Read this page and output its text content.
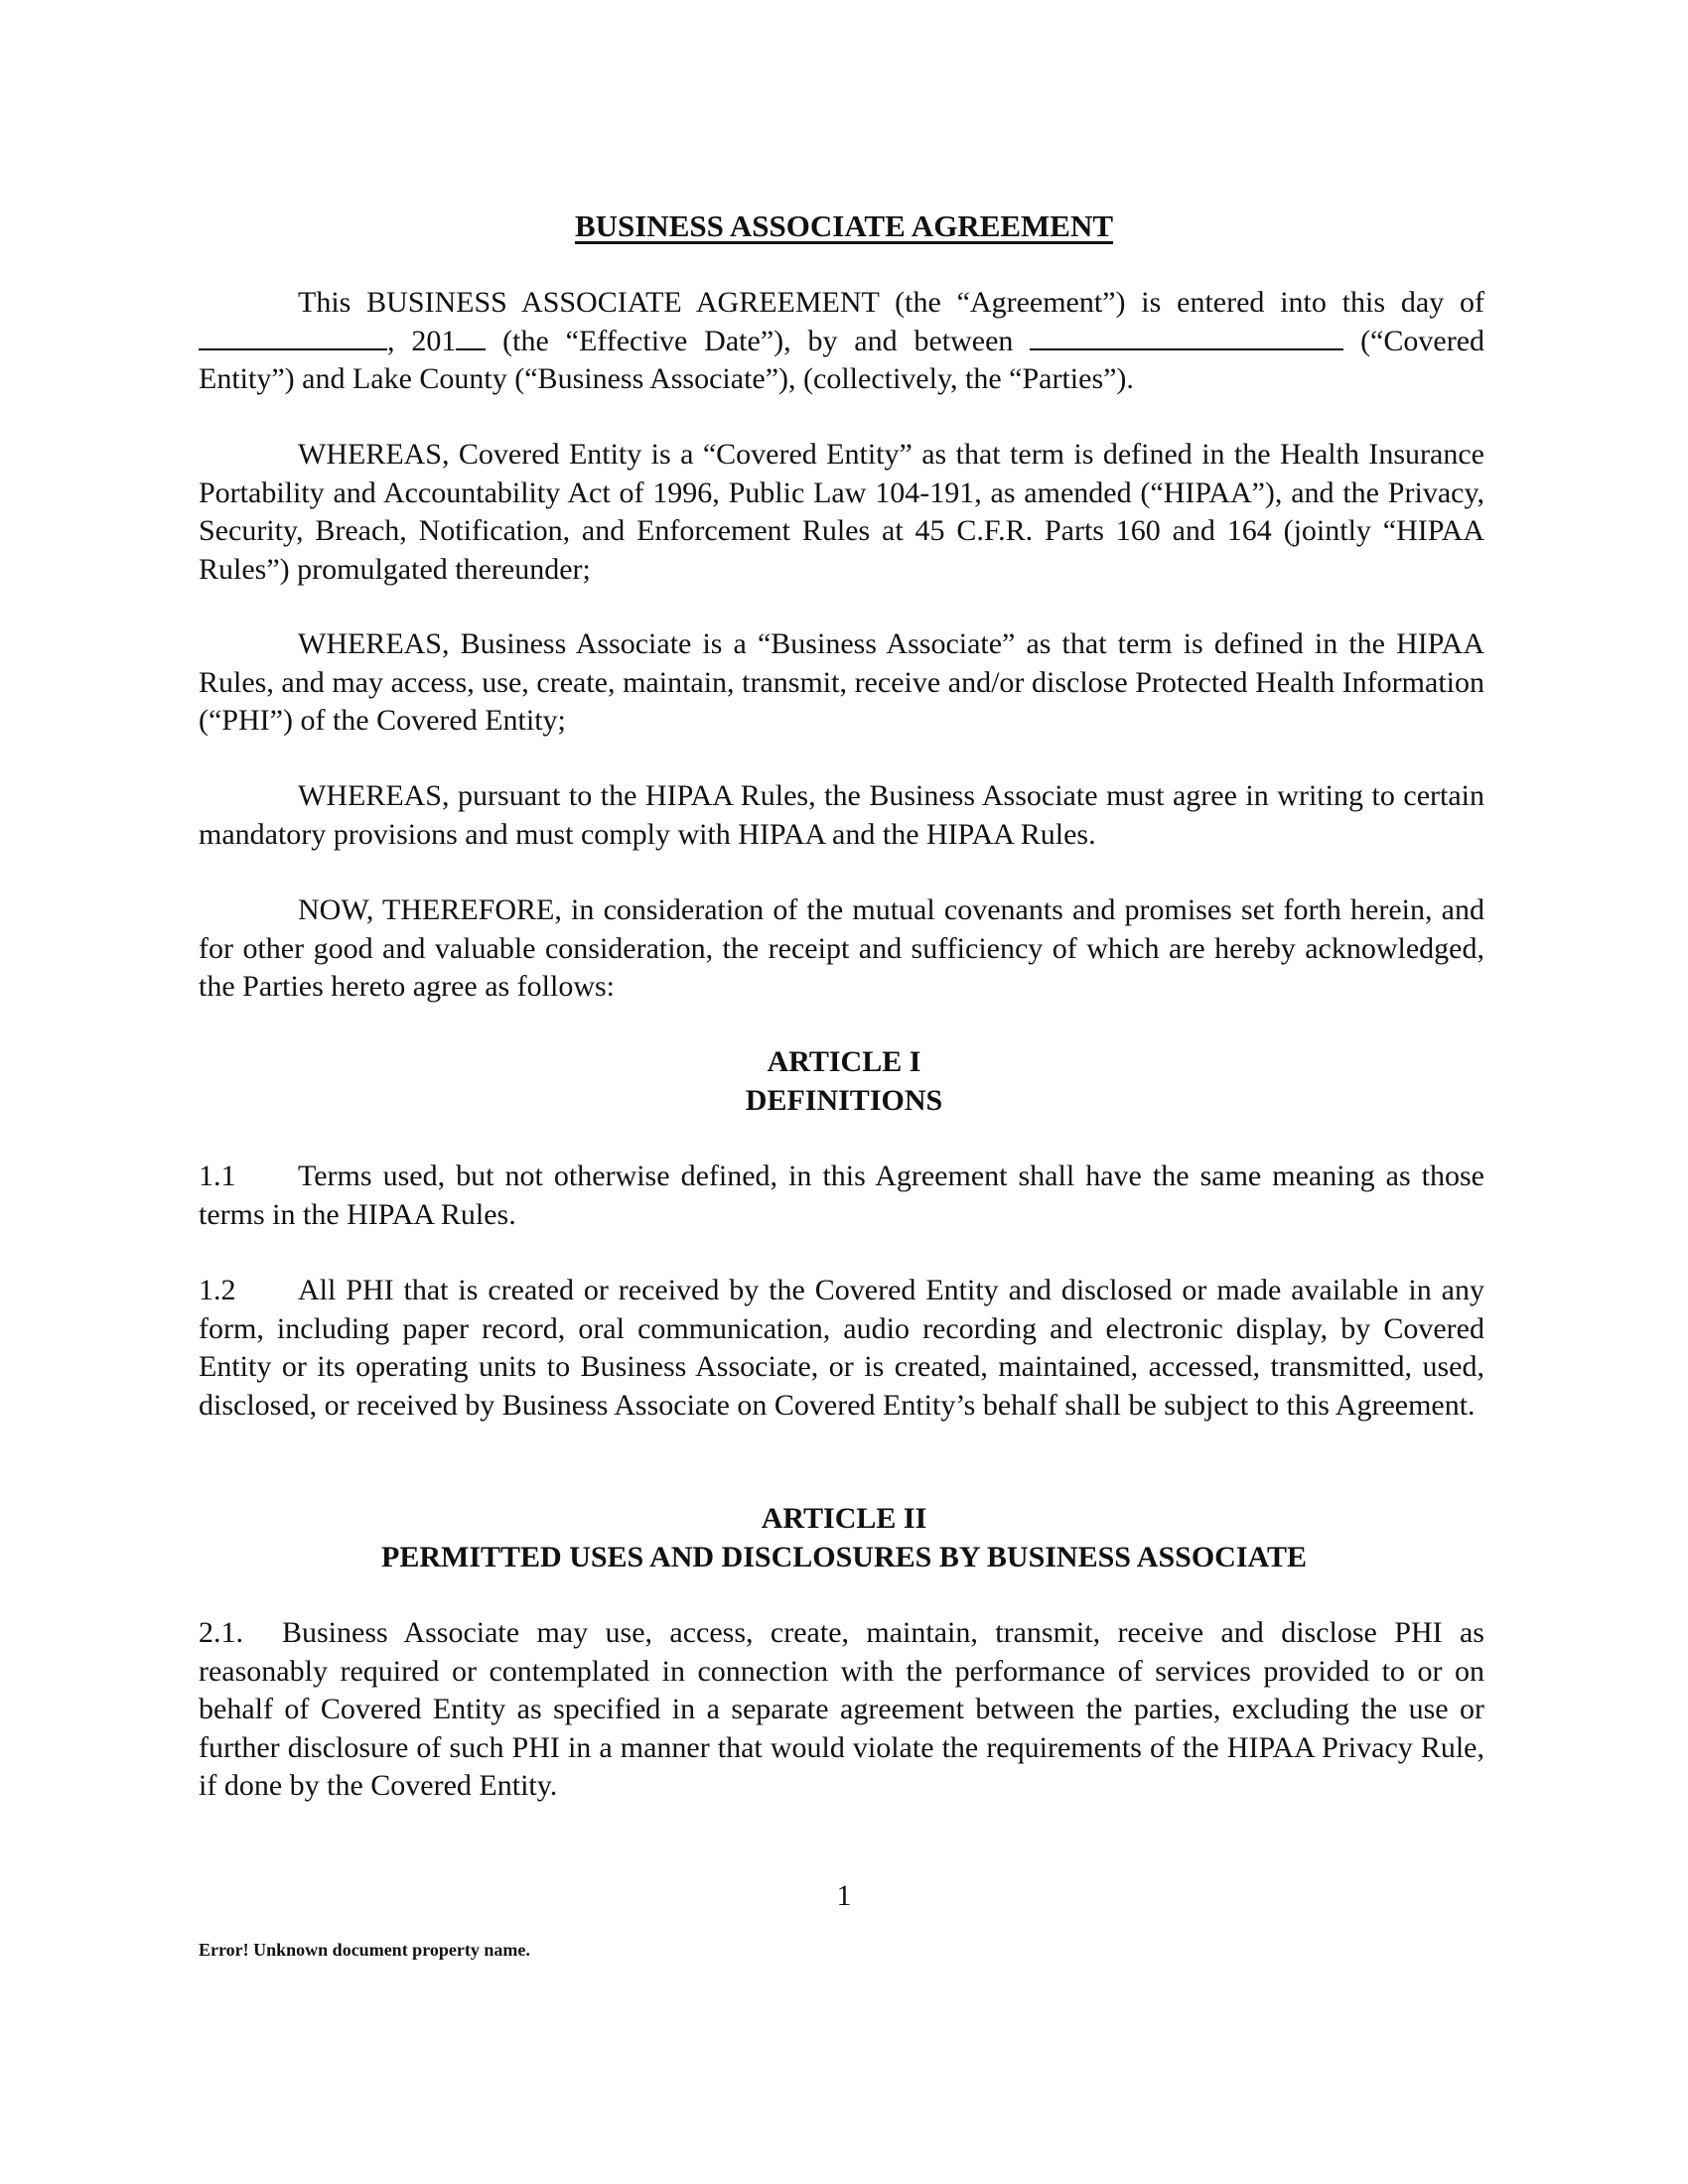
BUSINESS ASSOCIATE AGREEMENT

This BUSINESS ASSOCIATE AGREEMENT (the “Agreement”) is entered into this day of, 201 (the “Effective Date”), by and between	(“Covered Entity”) and Lake County (“Business Associate”), (collectively, the “Parties”).

WHEREAS, Covered Entity is a “Covered Entity” as that term is defined in the Health Insurance Portability and Accountability Act of 1996, Public Law 104-191, as amended (“HIPAA”), and the Privacy, Security, Breach, Notification, and Enforcement Rules at 45 C.F.R. Parts 160 and 164 (jointly “HIPAA Rules”) promulgated thereunder;

WHEREAS, Business Associate is a “Business Associate” as that term is defined in the HIPAA Rules, and may access, use, create, maintain, transmit, receive and/or disclose Protected Health Information (“PHI”) of the Covered Entity;

WHEREAS, pursuant to the HIPAA Rules, the Business Associate must agree in writing to certain mandatory provisions and must comply with HIPAA and the HIPAA Rules.

NOW, THEREFORE, in consideration of the mutual covenants and promises set forth herein, and for other good and valuable consideration, the receipt and sufficiency of which are hereby acknowledged, the Parties hereto agree as follows:

ARTICLE I
DEFINITIONS

1.1 Terms used, but not otherwise defined, in this Agreement shall have the same meaning as those terms in the HIPAA Rules.

1.2 All PHI that is created or received by the Covered Entity and disclosed or made available in any form, including paper record, oral communication, audio recording and electronic display, by Covered Entity or its operating units to Business Associate, or is created, maintained, accessed, transmitted, used, disclosed, or received by Business Associate on Covered Entity’s behalf shall be subject to this Agreement.

ARTICLE II
PERMITTED USES AND DISCLOSURES BY BUSINESS ASSOCIATE

2.1. Business Associate may use, access, create, maintain, transmit, receive and disclose PHI as reasonably required or contemplated in connection with the performance of services provided to or on behalf of Covered Entity as specified in a separate agreement between the parties, excluding the use or further disclosure of such PHI in a manner that would violate the requirements of the HIPAA Privacy Rule, if done by the Covered Entity.

1
Error! Unknown document property name.
